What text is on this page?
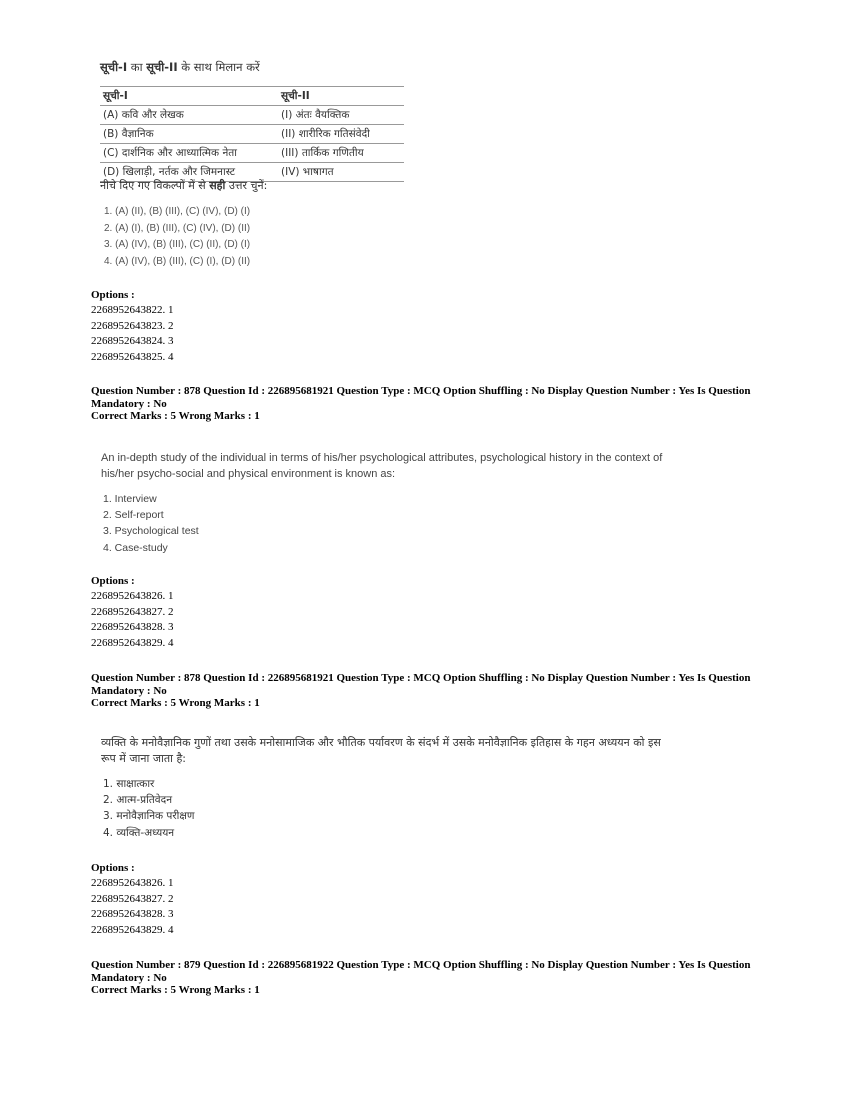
सूची-I का सूची-II के साथ मिलान करें
सूची-I	सूची-II
(A) कवि और लेखक	(I) अंतः वैयक्तिक
(B) वैज्ञानिक	(II) शारीरिक गतिसंवेदी
(C) दार्शनिक और आध्यात्मिक नेता	(III) तार्किक गणितीय
(D) खिलाड़ी, नर्तक और जिमनास्ट	(IV) भाषागत
नीचे दिए गए विकल्पों में से सही उत्तर चुनें:
1. (A) (II), (B) (III), (C) (IV), (D) (I)
2. (A) (I), (B) (III), (C) (IV), (D) (II)
3. (A) (IV), (B) (III), (C) (II), (D) (I)
4. (A) (IV), (B) (III), (C) (I), (D) (II)
Options :
2268952643822. 1
2268952643823. 2
2268952643824. 3
2268952643825. 4
Question Number : 878 Question Id : 226895681921 Question Type : MCQ Option Shuffling : No Display Question Number : Yes Is Question
Mandatory : No
Correct Marks : 5 Wrong Marks : 1
An in-depth study of the individual in terms of his/her psychological attributes, psychological history in the context of his/her psycho-social and physical environment is known as:
1. Interview
2. Self-report
3. Psychological test
4. Case-study
Options :
2268952643826. 1
2268952643827. 2
2268952643828. 3
2268952643829. 4
Question Number : 878 Question Id : 226895681921 Question Type : MCQ Option Shuffling : No Display Question Number : Yes Is Question
Mandatory : No
Correct Marks : 5 Wrong Marks : 1
व्यक्ति के मनोवैज्ञानिक गुणों तथा उसके मनोसामाजिक और भौतिक पर्यावरण के संदर्भ में उसके मनोवैज्ञानिक इतिहास के गहन अध्ययन को इस रूप में जाना जाता है:
1. साक्षात्कार
2. आत्म-प्रतिवेदन
3. मनोवैज्ञानिक परीक्षण
4. व्यक्ति-अध्ययन
Options :
2268952643826. 1
2268952643827. 2
2268952643828. 3
2268952643829. 4
Question Number : 879 Question Id : 226895681922 Question Type : MCQ Option Shuffling : No Display Question Number : Yes Is Question
Mandatory : No
Correct Marks : 5 Wrong Marks : 1
